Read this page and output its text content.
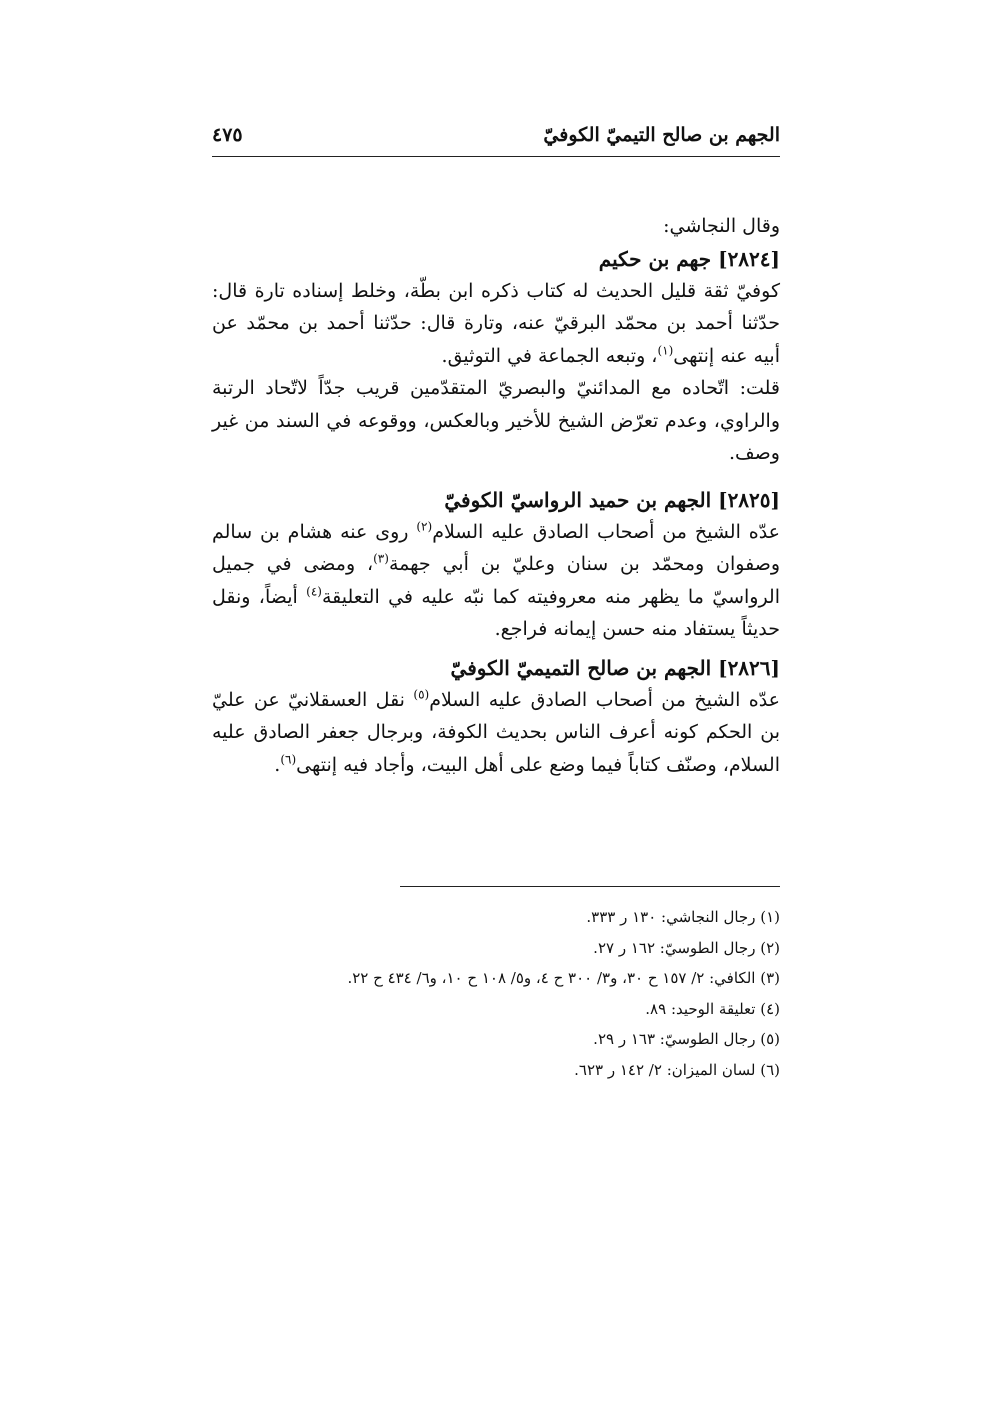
الجهم بن صالح التيميّ الكوفيّ
٤٧٥

وقال النجاشي:

[٢٨٢٤] جهم بن حكيم

كوفيّ ثقة قليل الحديث له كتاب ذكره ابن بطّة، وخلط إسناده تارة قال: حدّثنا أحمد بن محمّد البرقيّ عنه، وتارة قال: حدّثنا أحمد بن محمّد عن أبيه عنه إنتهى$^{(١)}$، وتبعه الجماعة في التوثيق.

قلت: اتّحاده مع المدائنيّ والبصريّ المتقدّمين قريب جدّاً لاتّحاد الرتبة والراوي، وعدم تعرّض الشيخ للأخير وبالعكس، ووقوعه في السند من غير وصف.

[٢٨٢٥] الجهم بن حميد الرواسيّ الكوفيّ

عدّه الشيخ من أصحاب الصادق عليه السلام$^{(٢)}$ روى عنه هشام بن سالم وصفوان ومحمّد بن سنان وعليّ بن أبي جهمة$^{(٣)}$، ومضى في جميل الرواسيّ ما يظهر منه معروفيته كما نبّه عليه في التعليقة$^{(٤)}$ أيضاً، ونقل حديثاً يستفاد منه حسن إيمانه فراجع.

[٢٨٢٦] الجهم بن صالح التميميّ الكوفيّ

عدّه الشيخ من أصحاب الصادق عليه السلام$^{(٥)}$ نقل العسقلانيّ عن عليّ بن الحكم كونه أعرف الناس بحديث الكوفة، وبرجال جعفر الصادق عليه السلام، وصنّف كتاباً فيما وضع على أهل البيت، وأجاد فيه إنتهى$^{(٦)}$.

(١) رجال النجاشي: ١٣٠ ر ٣٣٣.
(٢) رجال الطوسيّ: ١٦٢ ر ٢٧.
(٣) الكافي: ٢/ ١٥٧ ح ٣٠، و٣/ ٣٠٠ ح ٤، و٥/ ١٠٨ ح ١٠، و٦/ ٤٣٤ ح ٢٢.
(٤) تعليقة الوحيد: ٨٩.
(٥) رجال الطوسيّ: ١٦٣ ر ٢٩.
(٦) لسان الميزان: ٢/ ١٤٢ ر ٦٢٣.
